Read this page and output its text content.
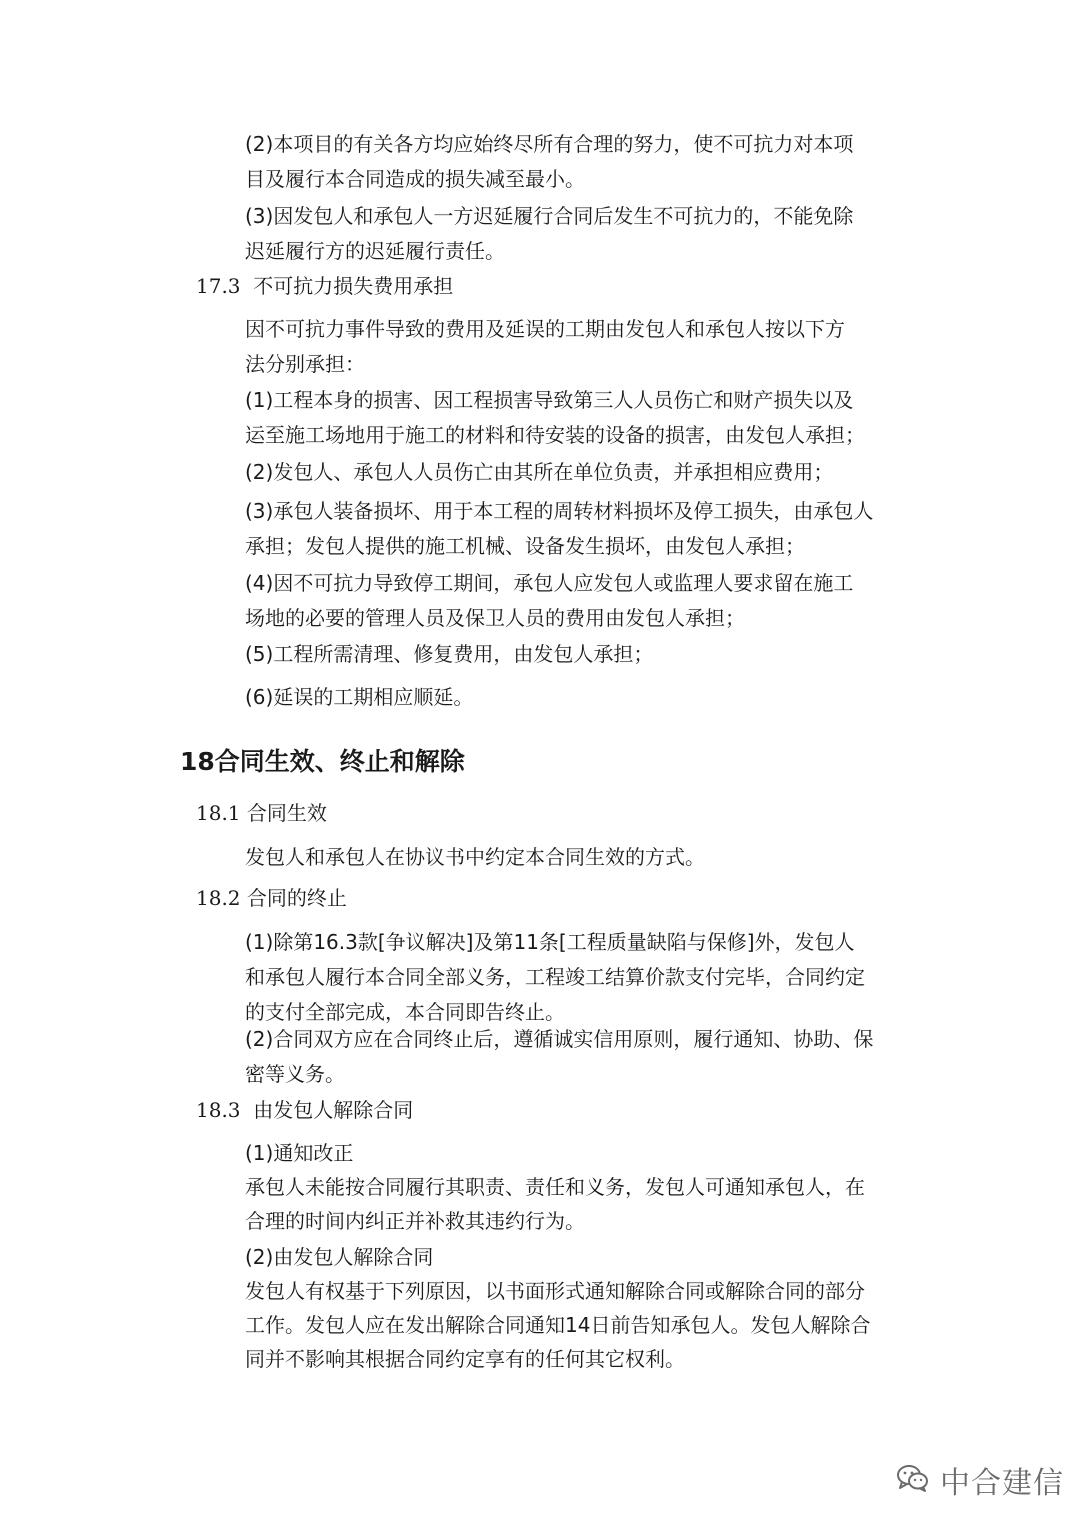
(2)本项目的有关各方均应始终尽所有合理的努力，使不可抗力对本项
目及履行本合同造成的损失减至最小。

(3)因发包人和承包人一方迟延履行合同后发生不可抗力的，不能免除
迟延履行方的迟延履行责任。

17.3 不可抗力损失费用承担

因不可抗力事件导致的费用及延误的工期由发包人和承包人按以下方
法分别承担：

(1)工程本身的损害、因工程损害导致第三人人员伤亡和财产损失以及
运至施工场地用于施工的材料和待安装的设备的损害，由发包人承担；

(2)发包人、承包人人员伤亡由其所在单位负责，并承担相应费用；

(3)承包人装备损坏、用于本工程的周转材料损坏及停工损失，由承包人
承担；发包人提供的施工机械、设备发生损坏，由发包人承担；

(4)因不可抗力导致停工期间，承包人应发包人或监理人要求留在施工
场地的必要的管理人员及保卫人员的费用由发包人承担；

(5)工程所需清理、修复费用，由发包人承担；

(6)延误的工期相应顺延。

18合同生效、终止和解除
18.1 合同生效

发包人和承包人在协议书中约定本合同生效的方式。

18.2 合同的终止

(1)除第16.3款[争议解决]及第11条[工程质量缺陷与保修]外，发包人
和承包人履行本合同全部义务，工程竣工结算价款支付完毕，合同约定
的支付全部完成，本合同即告终止。

(2)合同双方应在合同终止后，遵循诚实信用原则，履行通知、协助、保
密等义务。

18.3 由发包人解除合同

(1)通知改正
承包人未能按合同履行其职责、责任和义务，发包人可通知承包人，在
合理的时间内纠正并补救其违约行为。

(2)由发包人解除合同
发包人有权基于下列原因，以书面形式通知解除合同或解除合同的部分
工作。发包人应在发出解除合同通知14日前告知承包人。发包人解除合
同并不影响其根据合同约定享有的任何其它权利。

中合建信
